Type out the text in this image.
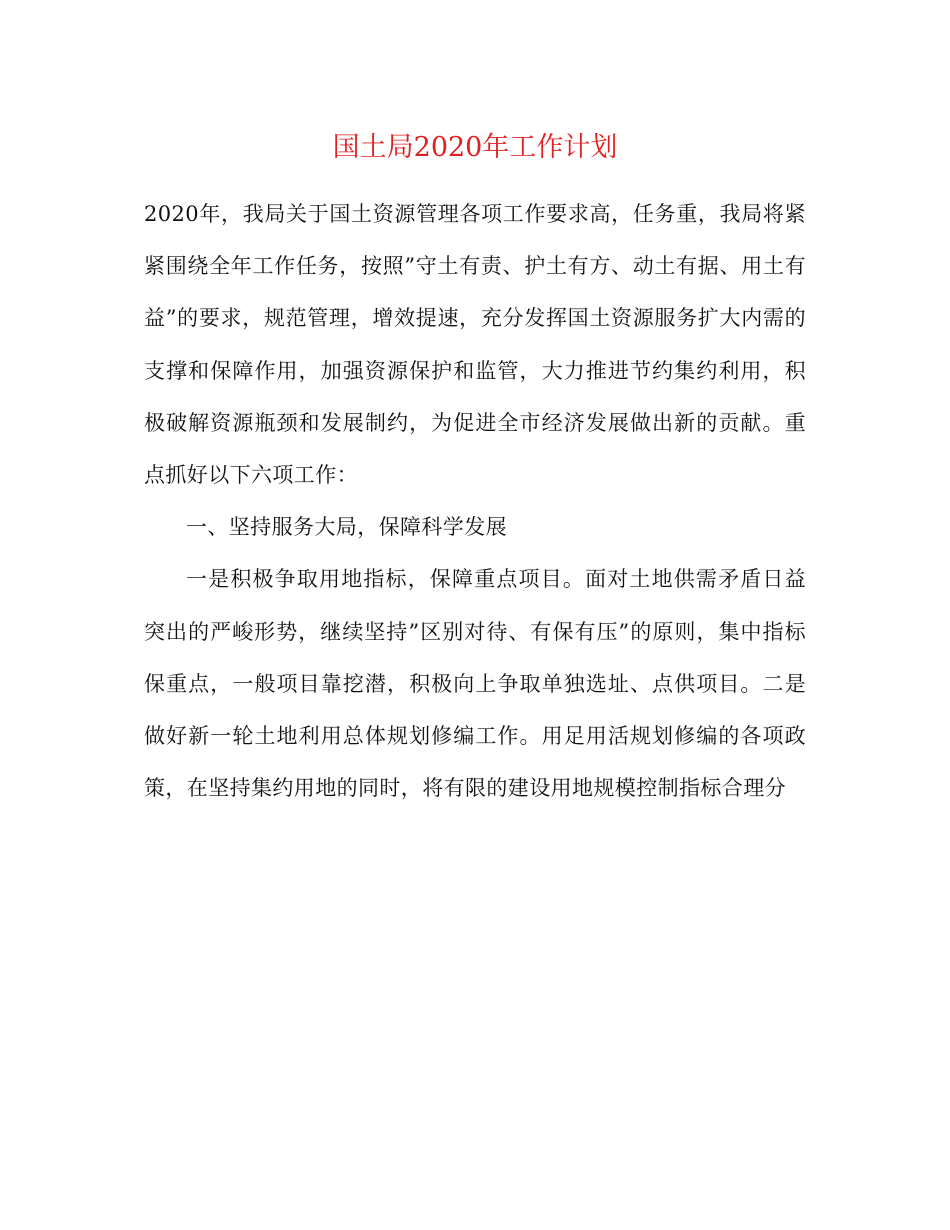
国土局2020年工作计划

2020年，我局关于国土资源管理各项工作要求高，任务重，我局将紧紧围绕全年工作任务，按照”守土有责、护土有方、动土有据、用土有益”的要求，规范管理，增效提速，充分发挥国土资源服务扩大内需的支撑和保障作用，加强资源保护和监管，大力推进节约集约利用，积极破解资源瓶颈和发展制约，为促进全市经济发展做出新的贡献。重点抓好以下六项工作：

一、坚持服务大局，保障科学发展

一是积极争取用地指标，保障重点项目。面对土地供需矛盾日益突出的严峻形势，继续坚持”区别对待、有保有压”的原则，集中指标保重点，一般项目靠挖潜，积极向上争取单独选址、点供项目。二是做好新一轮土地利用总体规划修编工作。用足用活规划修编的各项政策，在坚持集约用地的同时，将有限的建设用地规模控制指标合理分
